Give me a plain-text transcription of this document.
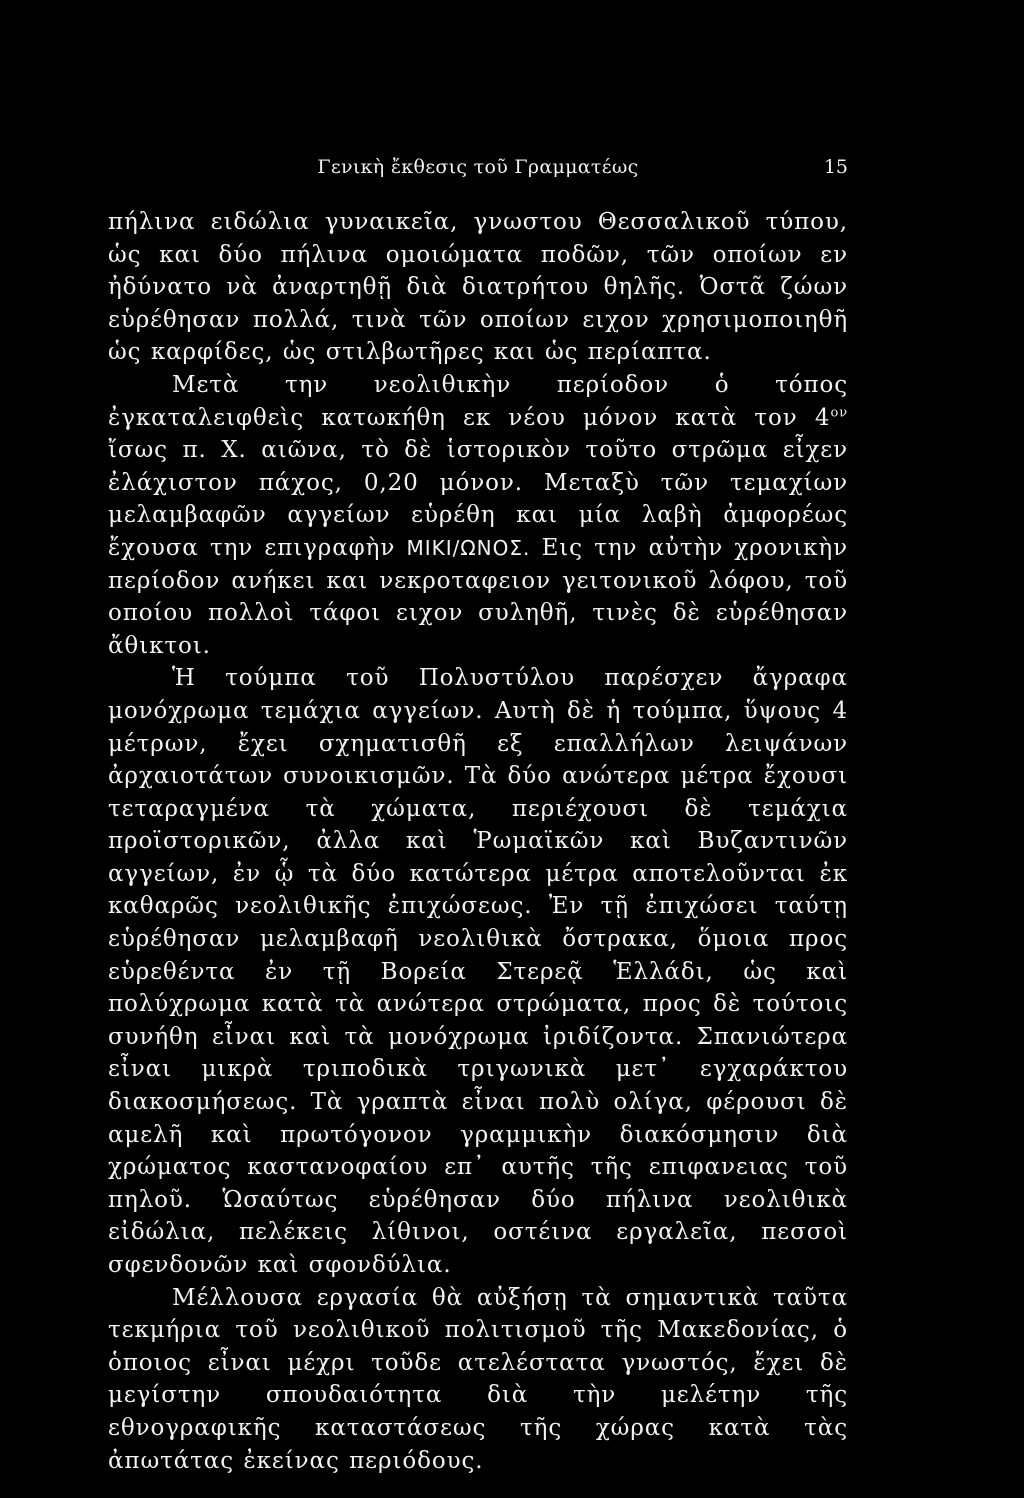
Γενικὴ ἔκθεσις τοῦ Γραμματέως	15

πήλινα ειδώλια γυναικεῖα, γνωστου Θεσσαλικοῦ τύπου, ὡς και δύο πήλινα ομοιώματα ποδῶν, τῶν οποίων εν ἠδύνατο νὰ ἀναρτηθῇ διὰ διατρήτου θηλῆς. Ὀστᾶ ζώων εὑρέθησαν πολλά, τινὰ τῶν οποίων ειχον χρησιμοποιηθῆ ὡς καρφίδες, ὡς στιλβωτῆρες και ὡς περίαπτα.

Μετὰ την νεολιθικὴν περίοδον ὁ τόπος ἐγκαταλειφθεὶς κατωκήθη εκ νέου μόνον κατὰ τον $4^{o\nu}$ ἴσως π. Χ. αιῶνα, τὸ δὲ ἱστορικὸν τοῦτο στρῶμα εἶχεν ἐλάχιστον πάχος, 0,20 μόνον. Μεταξὺ τῶν τεμαχίων μελαμβαφῶν αγγείων εὑρέθη και μία λαβὴ ἀμφορέως ἔχουσα την επιγραφὴν ΜΙΚΙ/ΩΝΟΣ. Εις την αὐτὴν χρονικὴν περίοδον ανήκει και νεκροταφειον γειτονικοῦ λόφου, τοῦ οποίου πολλοὶ τάφοι ειχον συληθῆ, τινὲς δὲ εὑρέθησαν ἄθικτοι.

Ἡ τούμπα τοῦ Πολυστύλου παρέσχεν ἄγραφα μονόχρωμα τεμάχια αγγείων. Αυτὴ δὲ ἡ τούμπα, ὕψους 4 μέτρων, ἔχει σχηματισθῆ εξ επαλλήλων λειψάνων ἀρχαιοτάτων συνοικισμῶν. Τὰ δύο ανώτερα μέτρα ἔχουσι τεταραγμένα τὰ χώματα, περιέχουσι δὲ τεμάχια προϊστορικῶν, ἀλλα καὶ Ῥωμαϊκῶν καὶ Βυζαντινῶν αγγείων, ἐν ᾧ τὰ δύο κατώτερα μέτρα αποτελοῦνται ἐκ καθαρῶς νεολιθικῆς ἐπιχώσεως. Ἐν τῇ ἐπιχώσει ταύτῃ εὑρέθησαν μελαμβαφῆ νεολιθικὰ ὄστρακα, ὅμοια προς εὑρεθέντα ἐν τῇ Βορεία Στερεᾷ Ἑλλάδι, ὡς καὶ πολύχρωμα κατὰ τὰ ανώτερα στρώματα, προς δὲ τούτοις συνήθη εἶναι καὶ τὰ μονόχρωμα ἰριδίζοντα. Σπανιώτερα εἶναι μικρὰ τριποδικὰ τριγωνικὰ μετ᾽ εγχαράκτου διακοσμήσεως. Τὰ γραπτὰ εἶναι πολὺ ολίγα, φέρουσι δὲ αμελῆ καὶ πρωτόγονον γραμμικὴν διακόσμησιν διὰ χρώματος καστανοφαίου επ᾽ αυτῆς τῆς επιφανειας τοῦ πηλοῦ. Ὡσαύτως εὑρέθησαν δύο πήλινα νεολιθικὰ εἰδώλια, πελέκεις λίθινοι, οστέινα εργαλεῖα, πεσσοὶ σφενδονῶν καὶ σφονδύλια.

Μέλλουσα εργασία θὰ αὐξήσῃ τὰ σημαντικὰ ταῦτα τεκμήρια τοῦ νεολιθικοῦ πολιτισμοῦ τῆς Μακεδονίας, ὁ ὁποιος εἶναι μέχρι τοῦδε ατελέστατα γνωστός, ἔχει δὲ μεγίστην σπουδαιότητα διὰ τὴν μελέτην τῆς εθνογραφικῆς καταστάσεως τῆς χώρας κατὰ τὰς ἀπωτάτας ἐκείνας περιόδους.
